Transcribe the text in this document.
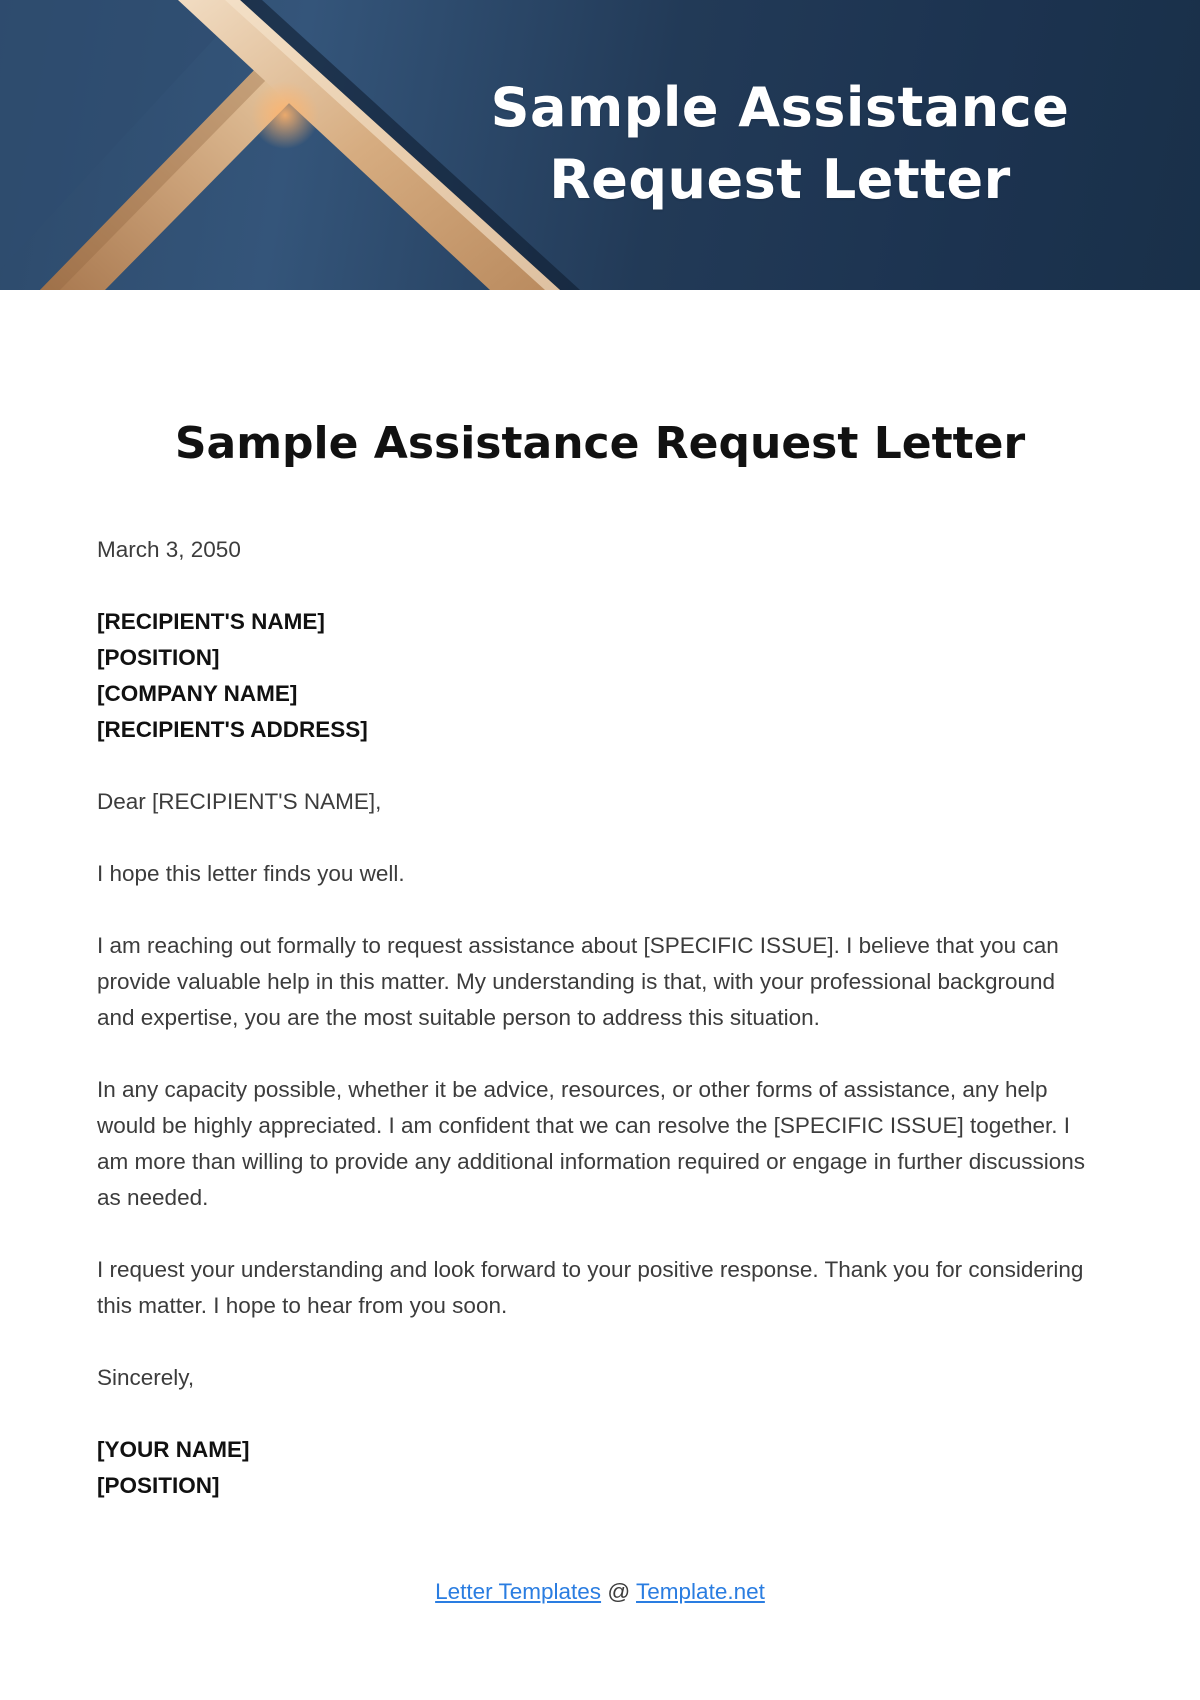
Sample Assistance
Request Letter
Sample Assistance Request Letter

March 3, 2050

[RECIPIENT'S NAME]
[POSITION]
[COMPANY NAME]
[RECIPIENT'S ADDRESS]

Dear [RECIPIENT'S NAME],

I hope this letter finds you well.

I am reaching out formally to request assistance about [SPECIFIC ISSUE]. I believe that you can provide valuable help in this matter. My understanding is that, with your professional background and expertise, you are the most suitable person to address this situation.

In any capacity possible, whether it be advice, resources, or other forms of assistance, any help would be highly appreciated. I am confident that we can resolve the [SPECIFIC ISSUE] together. I am more than willing to provide any additional information required or engage in further discussions as needed.

I request your understanding and look forward to your positive response. Thank you for considering this matter. I hope to hear from you soon.

Sincerely,

[YOUR NAME]
[POSITION]
Letter Templates @ Template.net
